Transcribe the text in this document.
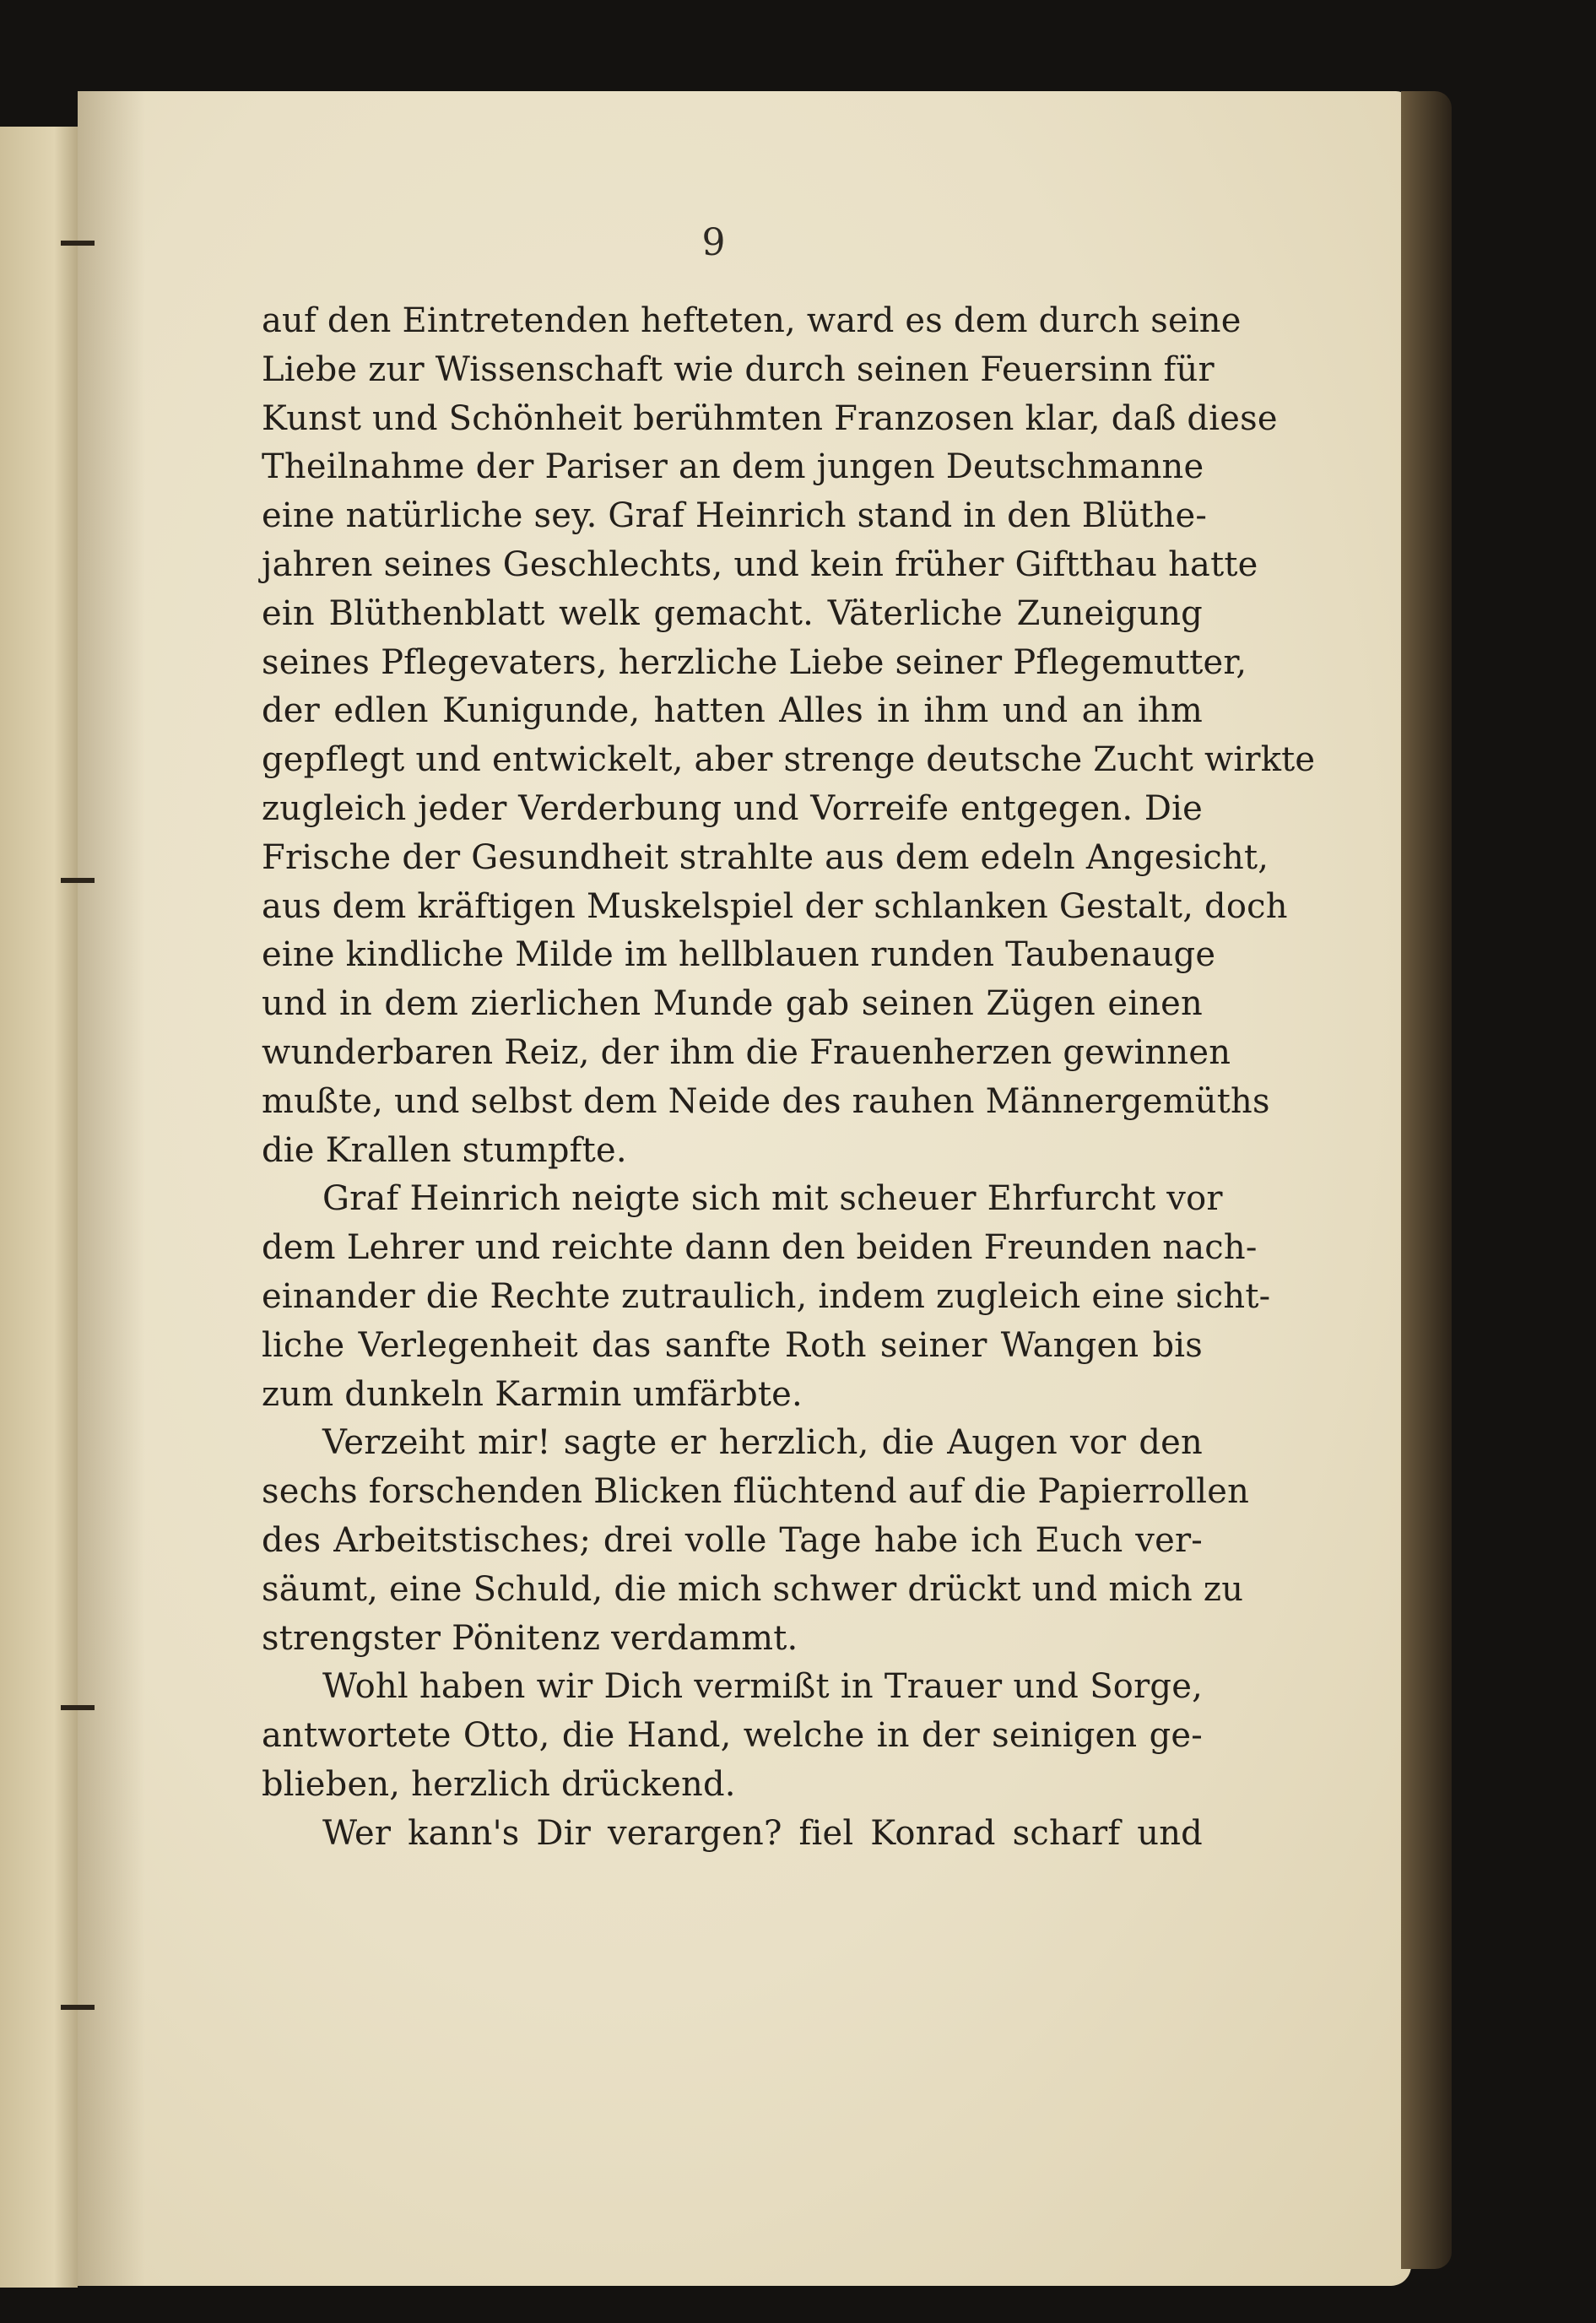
9
auf den Eintretenden hefteten, ward es dem durch seine
Liebe zur Wissenschaft wie durch seinen Feuersinn für
Kunst und Schönheit berühmten Franzosen klar, daß diese
Theilnahme der Pariser an dem jungen Deutschmanne
eine natürliche sey. Graf Heinrich stand in den Blüthe-
jahren seines Geschlechts, und kein früher Giftthau hatte
ein Blüthenblatt welk gemacht. Väterliche Zuneigung
seines Pflegevaters, herzliche Liebe seiner Pflegemutter,
der edlen Kunigunde, hatten Alles in ihm und an ihm
gepflegt und entwickelt, aber strenge deutsche Zucht wirkte
zugleich jeder Verderbung und Vorreife entgegen. Die
Frische der Gesundheit strahlte aus dem edeln Angesicht,
aus dem kräftigen Muskelspiel der schlanken Gestalt, doch
eine kindliche Milde im hellblauen runden Taubenauge
und in dem zierlichen Munde gab seinen Zügen einen
wunderbaren Reiz, der ihm die Frauenherzen gewinnen
mußte, und selbst dem Neide des rauhen Männergemüths
die Krallen stumpfte.
Graf Heinrich neigte sich mit scheuer Ehrfurcht vor
dem Lehrer und reichte dann den beiden Freunden nach-
einander die Rechte zutraulich, indem zugleich eine sicht-
liche Verlegenheit das sanfte Roth seiner Wangen bis
zum dunkeln Karmin umfärbte.
Verzeiht mir! sagte er herzlich, die Augen vor den
sechs forschenden Blicken flüchtend auf die Papierrollen
des Arbeitstisches; drei volle Tage habe ich Euch ver-
säumt, eine Schuld, die mich schwer drückt und mich zu
strengster Pönitenz verdammt.
Wohl haben wir Dich vermißt in Trauer und Sorge,
antwortete Otto, die Hand, welche in der seinigen ge-
blieben, herzlich drückend.
Wer kann's Dir verargen? fiel Konrad scharf und
